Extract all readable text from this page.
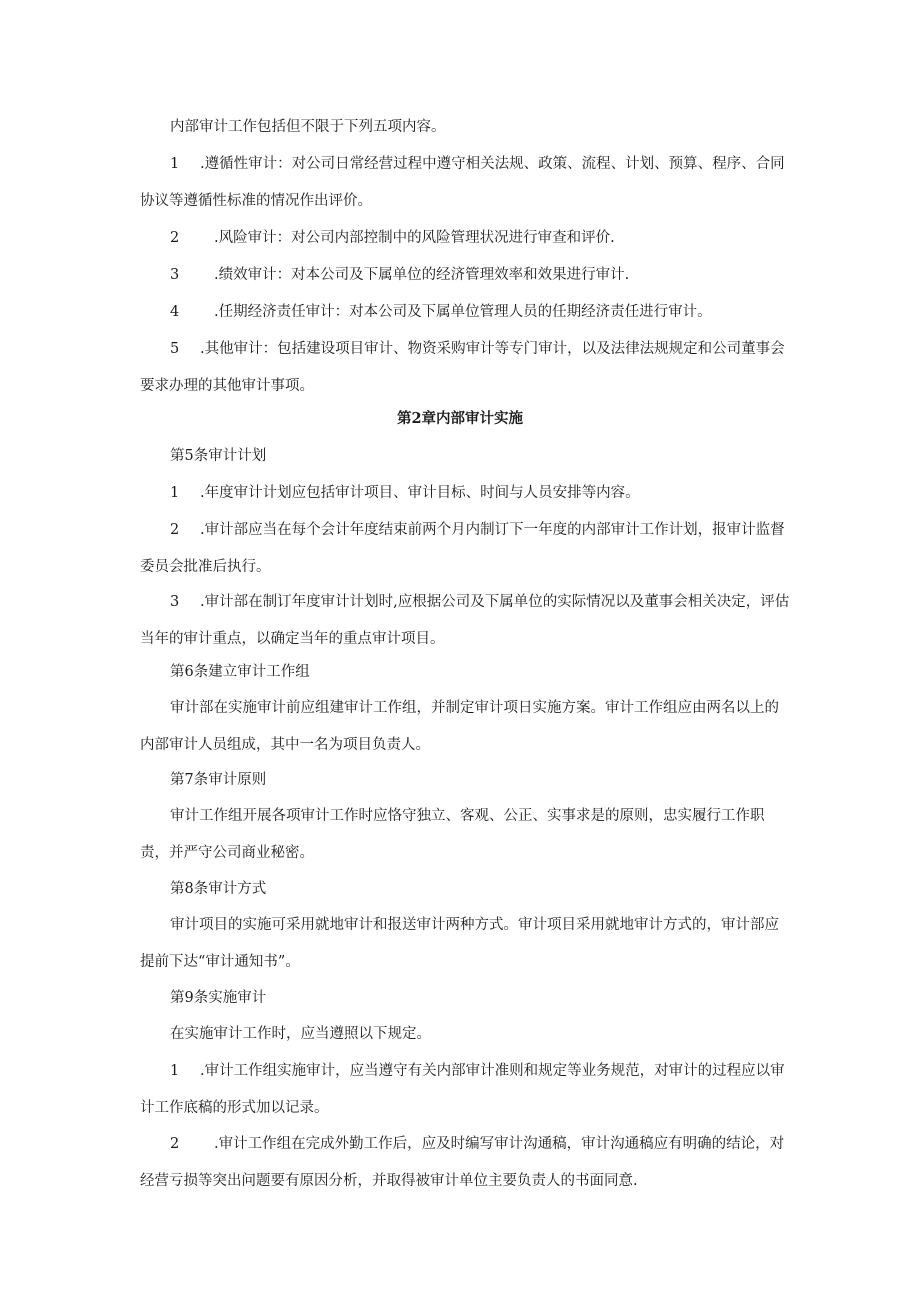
内部审计工作包括但不限于下列五项内容。

1 .遵循性审计：对公司日常经营过程中遵守相关法规、政策、流程、计划、预算、程序、合同协议等遵循性标准的情况作出评价。

2 .风险审计：对公司内部控制中的风险管理状况进行审查和评价.

3 .绩效审计：对本公司及下属单位的经济管理效率和效果进行审计.

4 .任期经济责任审计：对本公司及下属单位管理人员的任期经济责任进行审计。

5 .其他审计：包括建设项目审计、物资采购审计等专门审计，以及法律法规规定和公司董事会要求办理的其他审计事项。

第2章内部审计实施

第5条审计计划

1 .年度审计计划应包括审计项目、审计目标、时间与人员安排等内容。

2 .审计部应当在每个会计年度结束前两个月内制订下一年度的内部审计工作计划，报审计监督委员会批准后执行。

3 .审计部在制订年度审计计划时,应根据公司及下属单位的实际情况以及董事会相关决定，评估当年的审计重点，以确定当年的重点审计项目。

第6条建立审计工作组

审计部在实施审计前应组建审计工作组，并制定审计项日实施方案。审计工作组应由两名以上的内部审计人员组成，其中一名为项目负责人。

第7条审计原则

审计工作组开展各项审计工作时应恪守独立、客观、公正、实事求是的原则，忠实履行工作职责，并严守公司商业秘密。

第8条审计方式

审计项目的实施可采用就地审计和报送审计两种方式。审计项目采用就地审计方式的，审计部应提前下达“审计通知书”。

第9条实施审计

在实施审计工作时，应当遵照以下规定。

1 .审计工作组实施审计，应当遵守有关内部审计准则和规定等业务规范，对审计的过程应以审计工作底稿的形式加以记录。

2 .审计工作组在完成外勤工作后，应及时编写审计沟通稿，审计沟通稿应有明确的结论，对经营亏损等突出问题要有原因分析，并取得被审计单位主要负责人的书面同意.
